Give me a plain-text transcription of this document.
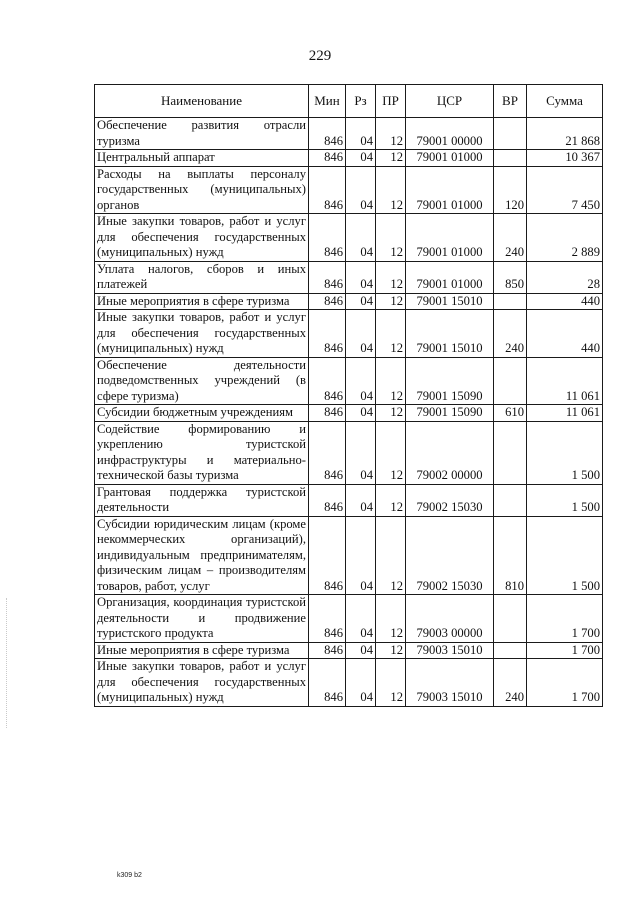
229
Наименование	Мин	Рз	ПР	ЦСР	ВР	Сумма
Обеспечение развития отрасли туризма	846	04	12	79001 00000		21 868
Центральный аппарат	846	04	12	79001 01000		10 367
Расходы на выплаты персоналу государственных (муниципальных) органов	846	04	12	79001 01000	120	7 450
Иные закупки товаров, работ и услуг для обеспечения государственных (муниципальных) нужд	846	04	12	79001 01000	240	2 889
Уплата налогов, сборов и иных платежей	846	04	12	79001 01000	850	28
Иные мероприятия в сфере туризма	846	04	12	79001 15010		440
Иные закупки товаров, работ и услуг для обеспечения государственных (муниципальных) нужд	846	04	12	79001 15010	240	440
Обеспечение деятельности подведомственных учреждений (в сфере туризма)	846	04	12	79001 15090		11 061
Субсидии бюджетным учреждениям	846	04	12	79001 15090	610	11 061
Содействие формированию и укреплению туристской инфраструктуры и материально-технической базы туризма	846	04	12	79002 00000		1 500
Грантовая поддержка туристской деятельности	846	04	12	79002 15030		1 500
Субсидии юридическим лицам (кроме некоммерческих организаций), индивидуальным предпринимателям, физическим лицам – производителям товаров, работ, услуг	846	04	12	79002 15030	810	1 500
Организация, координация туристской деятельности и продвижение туристского продукта	846	04	12	79003 00000		1 700
Иные мероприятия в сфере туризма	846	04	12	79003 15010		1 700
Иные закупки товаров, работ и услуг для обеспечения государственных (муниципальных) нужд	846	04	12	79003 15010	240	1 700
k309 b2
